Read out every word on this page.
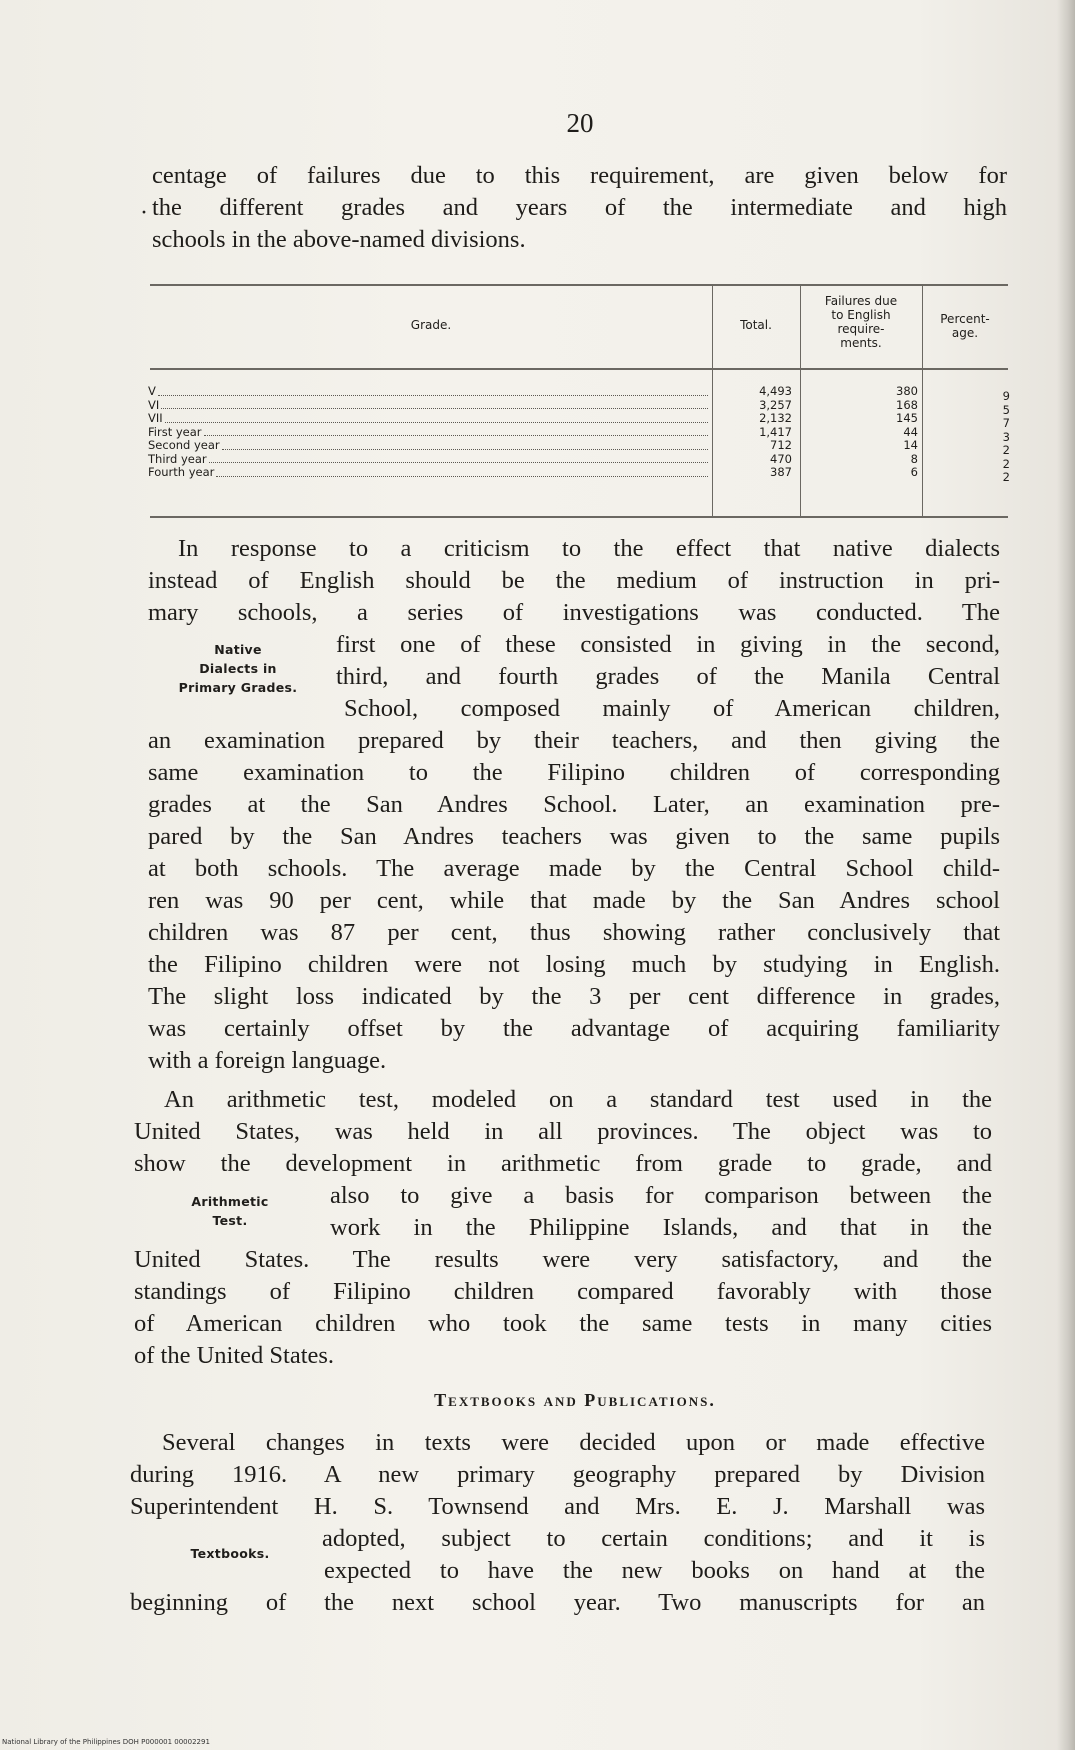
20
·
centage of failures due to this requirement, are given below for
the different grades and years of the intermediate and high
schools in the above-named divisions.
Grade.	Total.
Failures due
to English
require-
ments.
Percent-
age.
V
VI
VII
First year
Second year
Third year
Fourth year
4,493
3,257
2,132
1,417
712
470
387
380
168
145
44
14
8
6
9
5
7
3
2
2
2
In response to a criticism to the effect that native dialects
instead of English should be the medium of instruction in pri-
mary schools, a series of investigations was conducted. The
first one of these consisted in giving in the second,
third, and fourth grades of the Manila Central
School, composed mainly of American children,
an examination prepared by their teachers, and then giving the
same examination to the Filipino children of corresponding
grades at the San Andres School. Later, an examination pre-
pared by the San Andres teachers was given to the same pupils
at both schools. The average made by the Central School child-
ren was 90 per cent, while that made by the San Andres school
children was 87 per cent, thus showing rather conclusively that
the Filipino children were not losing much by studying in English.
The slight loss indicated by the 3 per cent difference in grades,
was certainly offset by the advantage of acquiring familiarity
with a foreign language.
Native
Dialects in
Primary Grades.
An arithmetic test, modeled on a standard test used in the
United States, was held in all provinces. The object was to
show the development in arithmetic from grade to grade, and
also to give a basis for comparison between the
work in the Philippine Islands, and that in the
United States. The results were very satisfactory, and the
standings of Filipino children compared favorably with those
of American children who took the same tests in many cities
of the United States.
Arithmetic
Test.
Textbooks and Publications.
Several changes in texts were decided upon or made effective
during 1916. A new primary geography prepared by Division
Superintendent H. S. Townsend and Mrs. E. J. Marshall was
adopted, subject to certain conditions; and it is
expected to have the new books on hand at the
beginning of the next school year. Two manuscripts for an
Textbooks.
National Library of the Philippines DOH P000001 00002291
